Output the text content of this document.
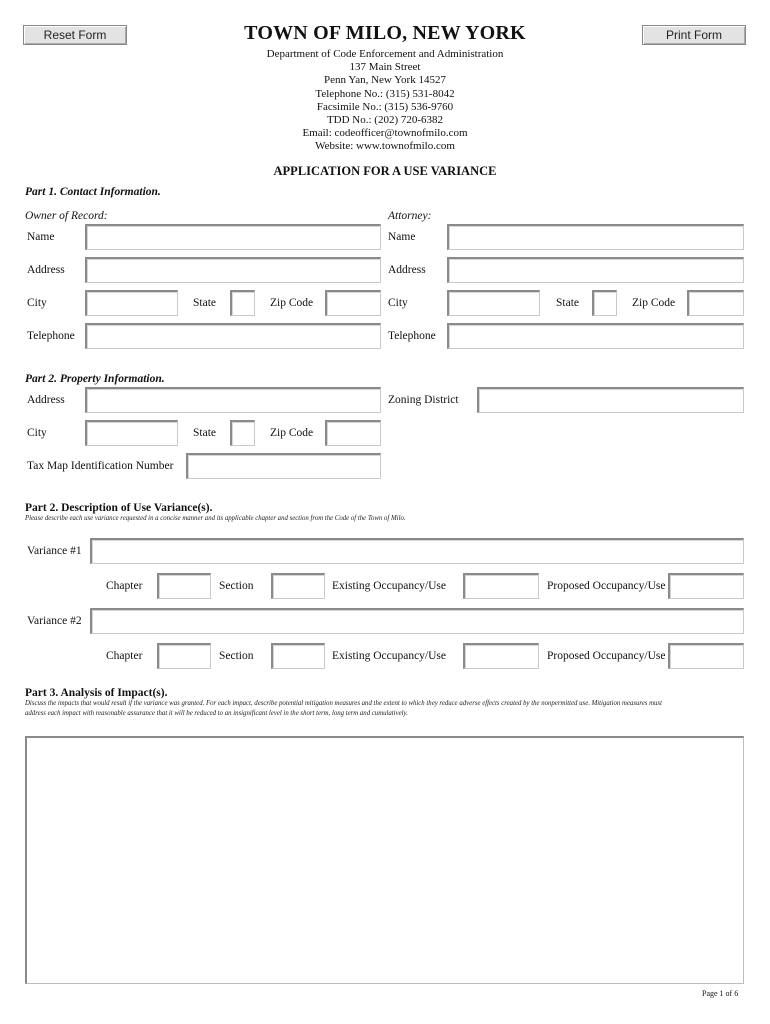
Reset Form	Print Form
TOWN OF MILO, NEW YORK
Department of Code Enforcement and Administration
137 Main Street
Penn Yan, New York 14527
Telephone No.: (315) 531-8042
Facsimile No.: (315) 536-9760
TDD No.: (202) 720-6382
Email: codeofficer@townofmilo.com
Website: www.townofmilo.com
APPLICATION FOR A USE VARIANCE
Part 1. Contact Information.
Owner of Record:	Attorney:
Name
Address
City	State	Zip Code
Telephone
Name
Address
City	State	Zip Code
Telephone
Part 2. Property Information.
Address	Zoning District
City	State	Zip Code
Tax Map Identification Number
Part 2. Description of Use Variance(s).
Please describe each use variance requested in a concise manner and its applicable chapter and section from the Code of the Town of Milo.
Variance #1
Chapter	Section	Existing Occupancy/Use	Proposed Occupancy/Use
Variance #2
Chapter	Section	Existing Occupancy/Use	Proposed Occupancy/Use
Part 3. Analysis of Impact(s).
Discuss the impacts that would result if the variance was granted. For each impact, describe potential mitigation measures and the extent to which they reduce adverse effects created by the nonpermitted use. Mitigation measures must
address each impact with reasonable assurance that it will be reduced to an insignificant level in the short term, long term and cumulatively.
Page 1 of 6
